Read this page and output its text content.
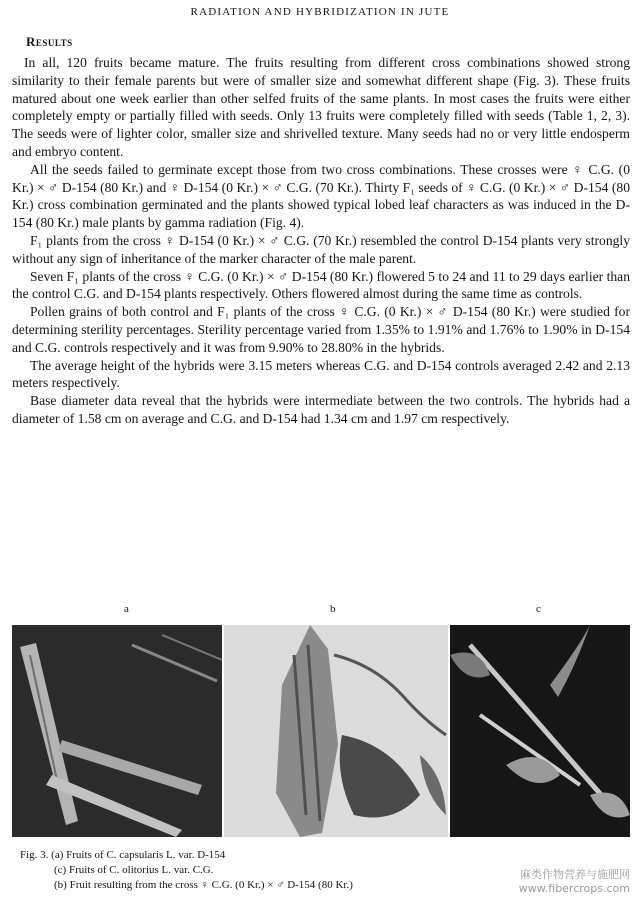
RADIATION AND HYBRIDIZATION IN JUTE
Results

In all, 120 fruits became mature. The fruits resulting from different cross combinations showed strong similarity to their female parents but were of smaller size and somewhat different shape (Fig. 3). These fruits matured about one week earlier than other selfed fruits of the same plants. In most cases the fruits were either completely empty or partially filled with seeds. Only 13 fruits were completely filled with seeds (Table 1, 2, 3). The seeds were of lighter color, smaller size and shrivelled texture. Many seeds had no or very little endosperm and embryo content.

All the seeds failed to germinate except those from two cross combinations. These crosses were ♀ C.G. (0 Kr.) × ♂ D-154 (80 Kr.) and ♀ D-154 (0 Kr.) × ♂ C.G. (70 Kr.). Thirty F₁ seeds of ♀ C.G. (0 Kr.) × ♂ D-154 (80 Kr.) cross combination germinated and the plants showed typical lobed leaf characters as was induced in the D-154 (80 Kr.) male plants by gamma radiation (Fig. 4).

F₁ plants from the cross ♀ D-154 (0 Kr.) × ♂ C.G. (70 Kr.) resembled the control D-154 plants very strongly without any sign of inheritance of the marker character of the male parent.

Seven F₁ plants of the cross ♀ C.G. (0 Kr.) × ♂ D-154 (80 Kr.) flowered 5 to 24 and 11 to 29 days earlier than the control C.G. and D-154 plants respectively. Others flowered almost during the same time as controls.

Pollen grains of both control and F₁ plants of the cross ♀ C.G. (0 Kr.) × ♂ D-154 (80 Kr.) were studied for determining sterility percentages. Sterility percentage varied from 1.35% to 1.91% and 1.76% to 1.90% in D-154 and C.G. controls respectively and it was from 9.90% to 28.80% in the hybrids.

The average height of the hybrids were 3.15 meters whereas C.G. and D-154 controls averaged 2.42 and 2.13 meters respectively.

Base diameter data reveal that the hybrids were intermediate between the two controls. The hybrids had a diameter of 1.58 cm on average and C.G. and D-154 had 1.34 cm and 1.97 cm respectively.

a	b	c
Fig. 3. (a) Fruits of C. capsularis L. var. D-154
(c) Fruits of C. olitorius L. var. C.G.
(b) Fruit resulting from the cross ♀ C.G. (0 Kr.) × ♂ D-154 (80 Kr.)
麻类作物营养与施肥网
www.fibercrops.com
